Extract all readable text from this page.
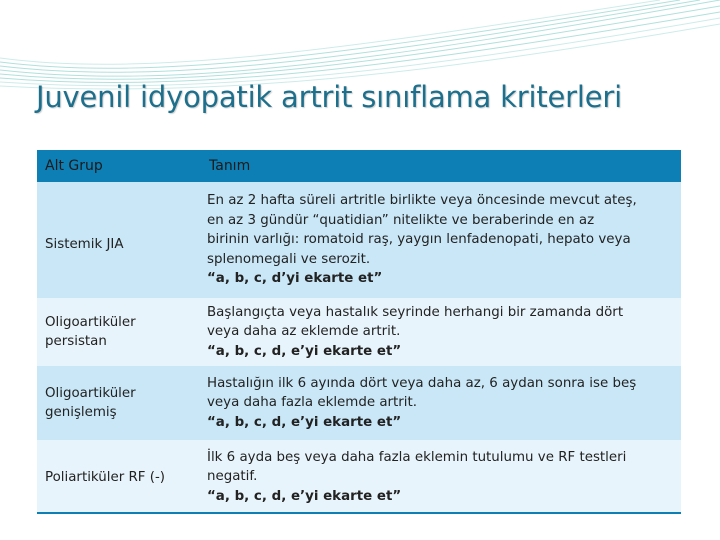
Juvenil idyopatik artrit sınıflama kriterleri
Alt Grup	Tanım

Sistemik JIA	En az 2 hafta süreli artritle birlikte veya öncesinde mevcut ateş,
en az 3 gündür “quatidian” nitelikte ve beraberinde en az
birinin varlığı: romatoid raş, yaygın lenfadenopati, hepato veya
splenomegali ve serozit.
“a, b, c, d’yi ekarte et”

Oligoartiküler
persistan	Başlangıçta veya hastalık seyrinde herhangi bir zamanda dört
veya daha az eklemde artrit.
“a, b, c, d, e’yi ekarte et”

Oligoartiküler
genişlemiş	Hastalığın ilk 6 ayında dört veya daha az, 6 aydan sonra ise beş
veya daha fazla eklemde artrit.
“a, b, c, d, e’yi ekarte et”

Poliartiküler RF (-)	İlk 6 ayda beş veya daha fazla eklemin tutulumu ve RF testleri
negatif.
“a, b, c, d, e’yi ekarte et”
